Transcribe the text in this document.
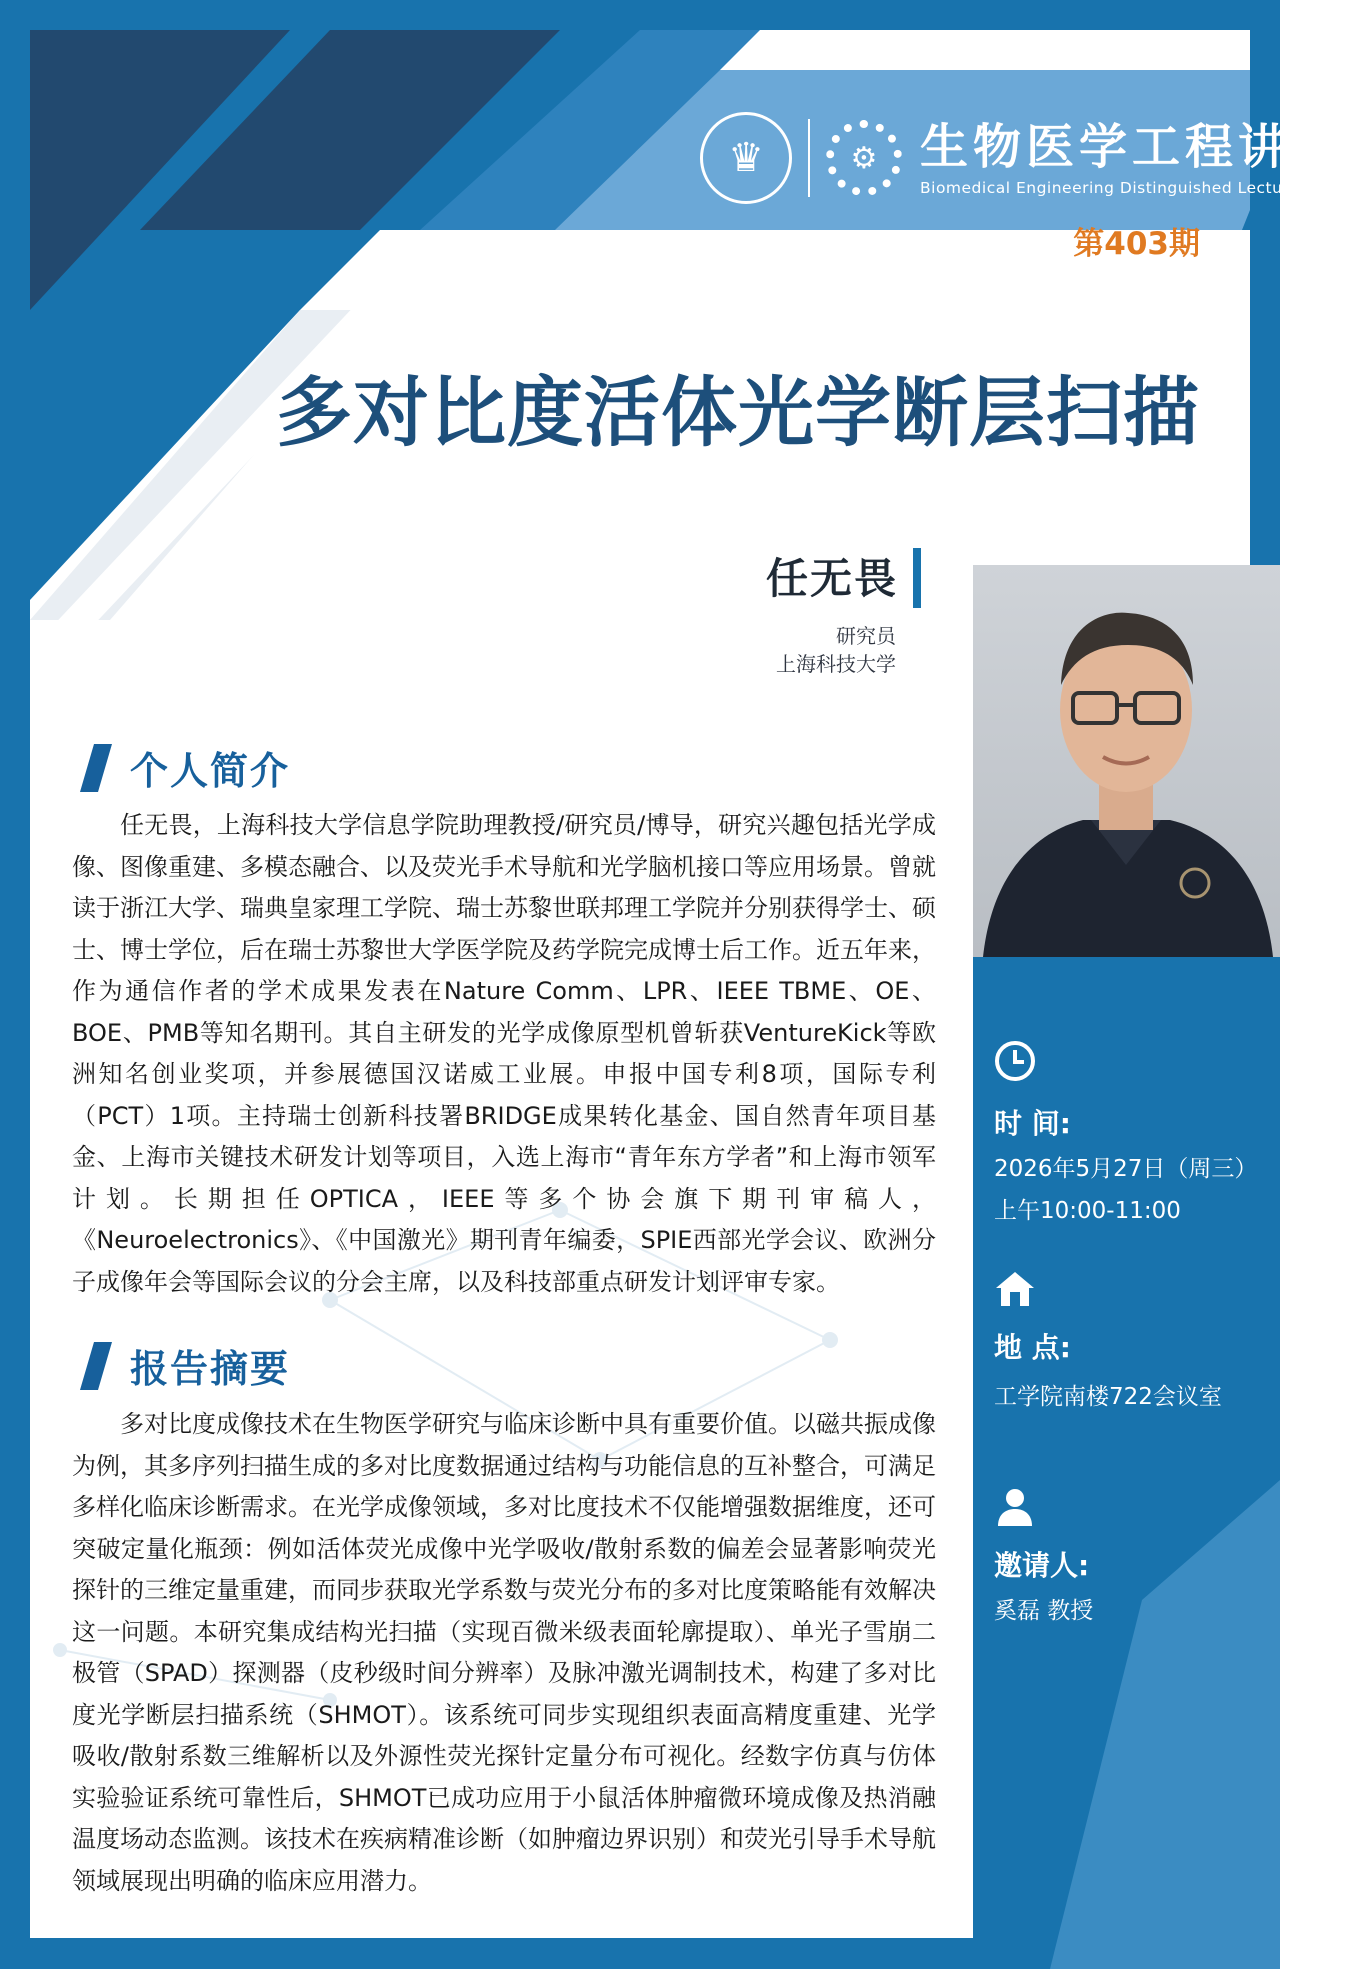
♛	⚙ 生物医学工程讲堂
Biomedical Engineering Distinguished Lecture Series
第403期
多对比度活体光学断层扫描
任无畏
研究员
上海科技大学
个人简介
任无畏，上海科技大学信息学院助理教授/研究员/博导，研究兴趣包括光学成像、图像重建、多模态融合、以及荧光手术导航和光学脑机接口等应用场景。曾就读于浙江大学、瑞典皇家理工学院、瑞士苏黎世联邦理工学院并分别获得学士、硕士、博士学位，后在瑞士苏黎世大学医学院及药学院完成博士后工作。近五年来，作为通信作者的学术成果发表在Nature Comm、LPR、IEEE TBME、OE、BOE、PMB等知名期刊。其自主研发的光学成像原型机曾斩获VentureKick等欧洲知名创业奖项，并参展德国汉诺威工业展。申报中国专利8项，国际专利（PCT）1项。主持瑞士创新科技署BRIDGE成果转化基金、国自然青年项目基金、上海市关键技术研发计划等项目，入选上海市“青年东方学者”和上海市领军计划。长期担任OPTICA，IEEE等多个协会旗下期刊审稿人，《Neuroelectronics》、《中国激光》期刊青年编委，SPIE西部光学会议、欧洲分子成像年会等国际会议的分会主席，以及科技部重点研发计划评审专家。
报告摘要
多对比度成像技术在生物医学研究与临床诊断中具有重要价值。以磁共振成像为例，其多序列扫描生成的多对比度数据通过结构与功能信息的互补整合，可满足多样化临床诊断需求。在光学成像领域，多对比度技术不仅能增强数据维度，还可突破定量化瓶颈：例如活体荧光成像中光学吸收/散射系数的偏差会显著影响荧光探针的三维定量重建，而同步获取光学系数与荧光分布的多对比度策略能有效解决这一问题。本研究集成结构光扫描（实现百微米级表面轮廓提取）、单光子雪崩二极管（SPAD）探测器（皮秒级时间分辨率）及脉冲激光调制技术，构建了多对比度光学断层扫描系统（SHMOT）。该系统可同步实现组织表面高精度重建、光学吸收/散射系数三维解析以及外源性荧光探针定量分布可视化。经数字仿真与仿体实验验证系统可靠性后，SHMOT已成功应用于小鼠活体肿瘤微环境成像及热消融温度场动态监测。该技术在疾病精准诊断（如肿瘤边界识别）和荧光引导手术导航领域展现出明确的临床应用潜力。
时 间:
2026年5月27日（周三）
上午10:00-11:00
地 点:
工学院南楼722会议室
邀请人:
奚磊 教授
